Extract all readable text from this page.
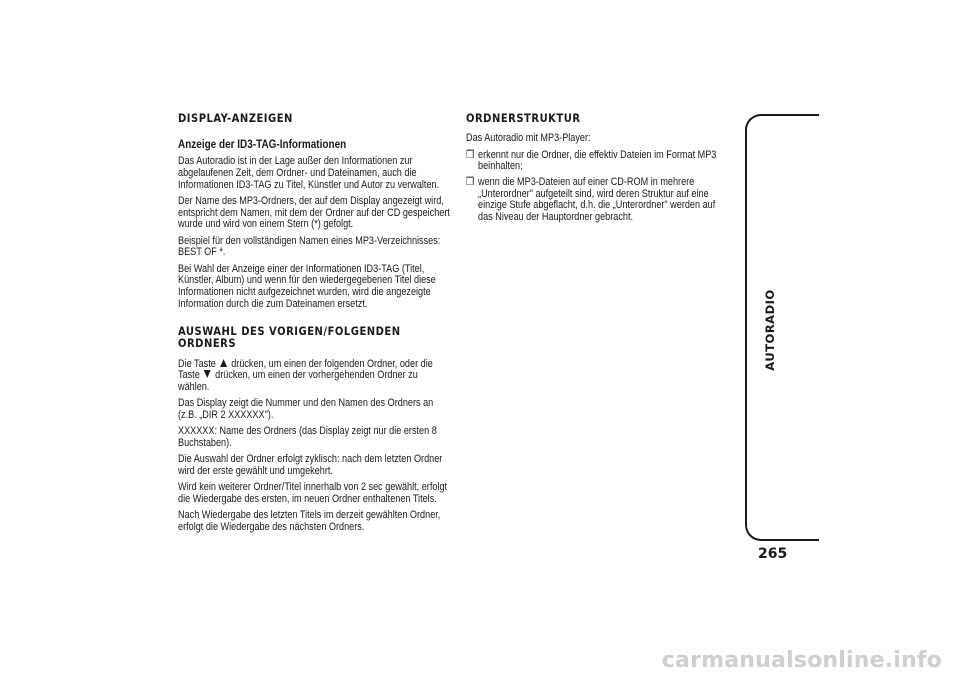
DISPLAY-ANZEIGEN
Anzeige der ID3-TAG-Informationen

Das Autoradio ist in der Lage außer den Informationen zur abgelaufenen Zeit, dem Ordner- und Dateinamen, auch die Informationen ID3-TAG zu Titel, Künstler und Autor zu verwalten.

Der Name des MP3-Ordners, der auf dem Display angezeigt wird, entspricht dem Namen, mit dem der Ordner auf der CD gespeichert wurde und wird von einem Stern (*) gefolgt.

Beispiel für den vollständigen Namen eines MP3-Verzeichnisses: BEST OF *.

Bei Wahl der Anzeige einer der Informationen ID3-TAG (Titel, Künstler, Album) und wenn für den wiedergegebenen Titel diese Informationen nicht aufgezeichnet wurden, wird die angezeigte Information durch die zum Dateinamen ersetzt.

AUSWAHL DES VORIGEN/FOLGENDEN ORDNERS

Die Taste drücken, um einen der folgenden Ordner, oder die Taste drücken, um einen der vorhergehenden Ordner zu wählen.

Das Display zeigt die Nummer und den Namen des Ordners an (z.B. „DIR 2 XXXXXX").

XXXXXX: Name des Ordners (das Display zeigt nur die ersten 8 Buchstaben).

Die Auswahl der Ordner erfolgt zyklisch: nach dem letzten Ordner wird der erste gewählt und umgekehrt.

Wird kein weiterer Ordner/Titel innerhalb von 2 sec gewählt, erfolgt die Wiedergabe des ersten, im neuen Ordner enthaltenen Titels.

Nach Wiedergabe des letzten Titels im derzeit gewählten Ordner, erfolgt die Wiedergabe des nächsten Ordners.

ORDNERSTRUKTUR

Das Autoradio mit MP3-Player:

❒ erkennt nur die Ordner, die effektiv Dateien im Format MP3 beinhalten;
❒ wenn die MP3-Dateien auf einer CD-ROM in mehrere „Unterordner" aufgeteilt sind, wird deren Struktur auf eine einzige Stufe abgeflacht, d.h. die „Unterordner" werden auf das Niveau der Hauptordner gebracht.
AUTORADIO
265
carmanualsonline.info
